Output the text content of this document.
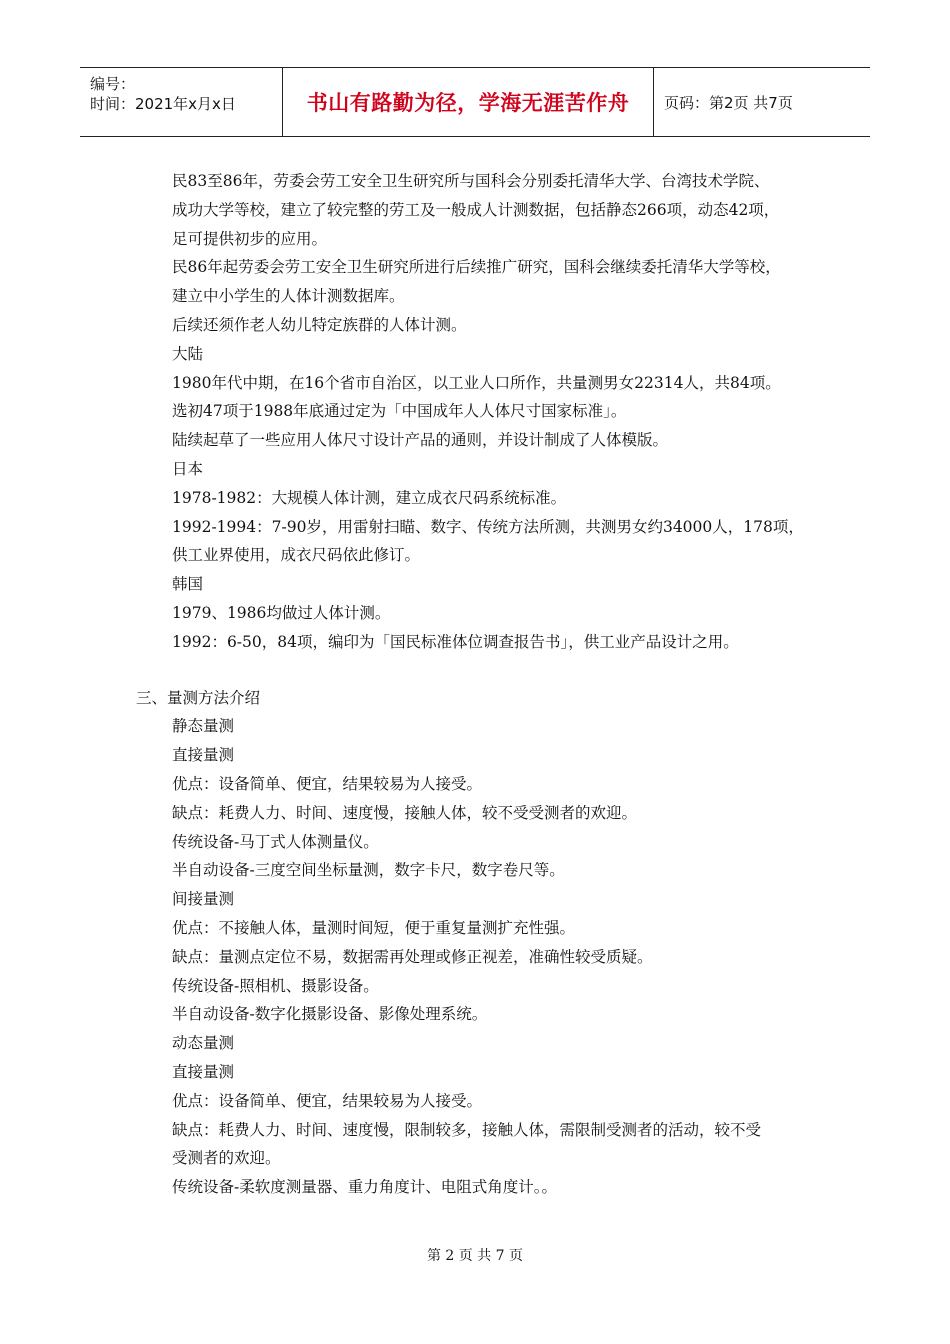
编号：
时间：2021年x月x日	书山有路勤为径，学海无涯苦作舟	页码：第2页 共7页
民83至86年，劳委会劳工安全卫生研究所与国科会分别委托清华大学、台湾技术学院、
成功大学等校，建立了较完整的劳工及一般成人计测数据，包括静态266项，动态42项，
足可提供初步的应用。
民86年起劳委会劳工安全卫生研究所进行后续推广研究，国科会继续委托清华大学等校，
建立中小学生的人体计测数据库。
后续还须作老人幼儿特定族群的人体计测。
大陆
1980年代中期，在16个省市自治区，以工业人口所作，共量测男女22314人，共84项。
选初47项于1988年底通过定为「中国成年人人体尺寸国家标准」。
陆续起草了一些应用人体尺寸设计产品的通则，并设计制成了人体模版。
日本
1978-1982：大规模人体计测，建立成衣尺码系统标准。
1992-1994：7-90岁，用雷射扫瞄、数字、传统方法所测，共测男女约34000人，178项，
供工业界使用，成衣尺码依此修订。
韩国
1979、1986均做过人体计测。
1992：6-50，84项，编印为「国民标准体位调查报告书」，供工业产品设计之用。
三、量测方法介绍
静态量测
直接量测
优点：设备简单、便宜，结果较易为人接受。
缺点：耗费人力、时间、速度慢，接触人体，较不受受测者的欢迎。
传统设备-马丁式人体测量仪。
半自动设备-三度空间坐标量测，数字卡尺，数字卷尺等。
间接量测
优点：不接触人体，量测时间短，便于重复量测扩充性强。
缺点：量测点定位不易，数据需再处理或修正视差，准确性较受质疑。
传统设备-照相机、摄影设备。
半自动设备-数字化摄影设备、影像处理系统。
动态量测
直接量测
优点：设备简单、便宜，结果较易为人接受。
缺点：耗费人力、时间、速度慢，限制较多，接触人体，需限制受测者的活动，较不受
受测者的欢迎。
传统设备-柔软度测量器、重力角度计、电阻式角度计。。
第 2 页 共 7 页
